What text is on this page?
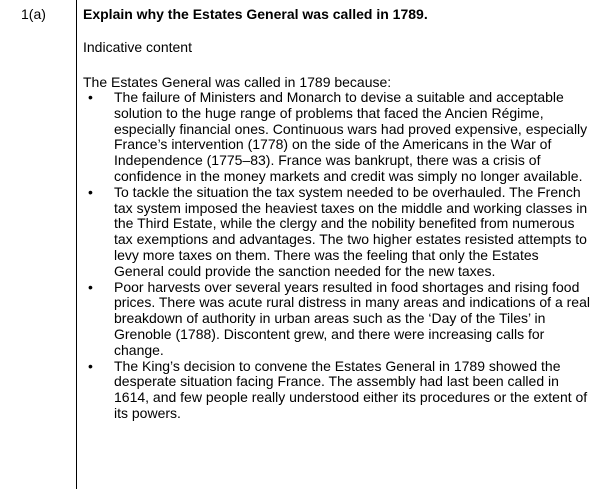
1(a)	Explain why the Estates General was called in 1789.

Indicative content

The Estates General was called in 1789 because:

• The failure of Ministers and Monarch to devise a suitable and acceptable solution to the huge range of problems that faced the Ancien Régime, especially financial ones. Continuous wars had proved expensive, especially France’s intervention (1778) on the side of the Americans in the War of Independence (1775–83). France was bankrupt, there was a crisis of confidence in the money markets and credit was simply no longer available.
• To tackle the situation the tax system needed to be overhauled. The French tax system imposed the heaviest taxes on the middle and working classes in the Third Estate, while the clergy and the nobility benefited from numerous tax exemptions and advantages. The two higher estates resisted attempts to levy more taxes on them. There was the feeling that only the Estates General could provide the sanction needed for the new taxes.
• Poor harvests over several years resulted in food shortages and rising food prices. There was acute rural distress in many areas and indications of a real breakdown of authority in urban areas such as the ‘Day of the Tiles’ in Grenoble (1788). Discontent grew, and there were increasing calls for change.
• The King’s decision to convene the Estates General in 1789 showed the desperate situation facing France. The assembly had last been called in 1614, and few people really understood either its procedures or the extent of its powers.
